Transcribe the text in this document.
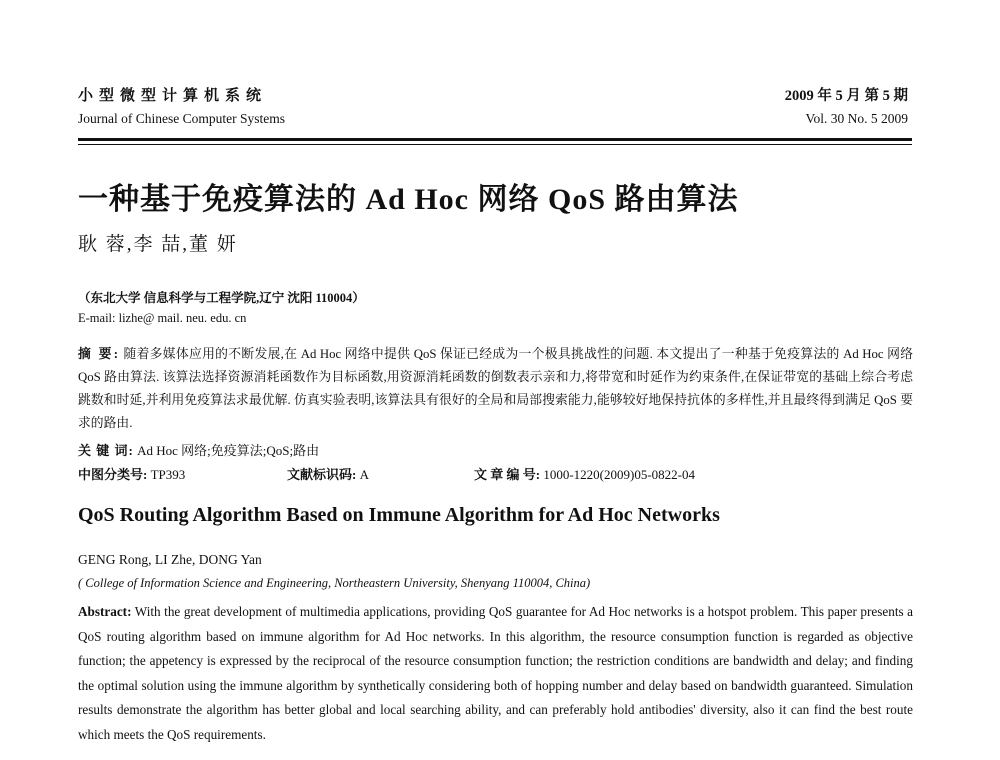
小型微型计算机系统
Journal of Chinese Computer Systems
2009 年 5 月 第 5 期
Vol. 30 No. 5 2009
一种基于免疫算法的 Ad Hoc 网络 QoS 路由算法
耿 蓉,李 喆,董 妍
（东北大学 信息科学与工程学院,辽宁 沈阳 110004）
E-mail: lizhe@ mail. neu. edu. cn
摘 要: 随着多媒体应用的不断发展,在 Ad Hoc 网络中提供 QoS 保证已经成为一个极具挑战性的问题. 本文提出了一种基于免疫算法的 Ad Hoc 网络 QoS 路由算法. 该算法选择资源消耗函数作为目标函数,用资源消耗函数的倒数表示亲和力,将带宽和时延作为约束条件,在保证带宽的基础上综合考虑跳数和时延,并利用免疫算法求最优解. 仿真实验表明,该算法具有很好的全局和局部搜索能力,能够较好地保持抗体的多样性,并且最终得到满足 QoS 要求的路由.
关 键 词: Ad Hoc 网络;免疫算法;QoS;路由
中图分类号: TP393	文献标识码: A	文 章 编 号: 1000-1220(2009)05-0822-04
QoS Routing Algorithm Based on Immune Algorithm for Ad Hoc Networks
GENG Rong, LI Zhe, DONG Yan
( College of Information Science and Engineering, Northeastern University, Shenyang 110004, China)
Abstract: With the great development of multimedia applications, providing QoS guarantee for Ad Hoc networks is a hotspot problem. This paper presents a QoS routing algorithm based on immune algorithm for Ad Hoc networks. In this algorithm, the resource consumption function is regarded as objective function; the appetency is expressed by the reciprocal of the resource consumption function; the restriction conditions are bandwidth and delay; and finding the optimal solution using the immune algorithm by synthetically considering both of hopping number and delay based on bandwidth guaranteed. Simulation results demonstrate the algorithm has better global and local searching ability, and can preferably hold antibodies' diversity, also it can find the best route which meets the QoS requirements.
